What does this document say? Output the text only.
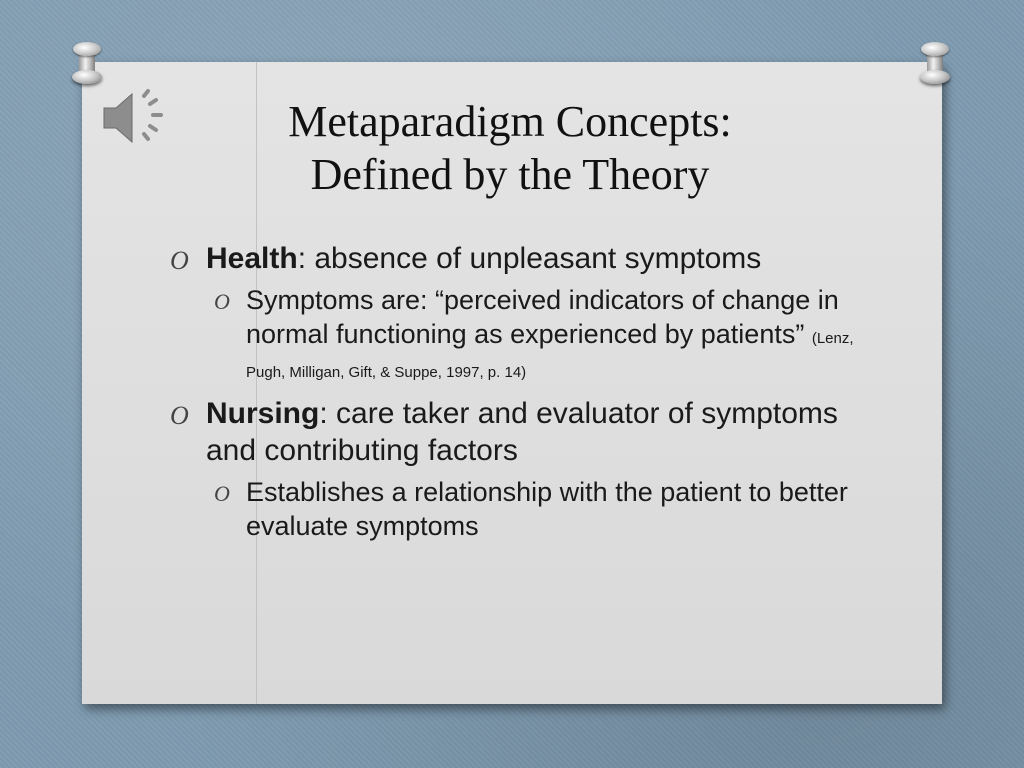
Metaparadigm Concepts:
Defined by the Theory
O Health: absence of unpleasant symptoms
O Symptoms are: “perceived indicators of change in normal functioning as experienced by patients” (Lenz, Pugh, Milligan, Gift, & Suppe, 1997, p. 14)
O Nursing: care taker and evaluator of symptoms and contributing factors
O Establishes a relationship with the patient to better evaluate symptoms
